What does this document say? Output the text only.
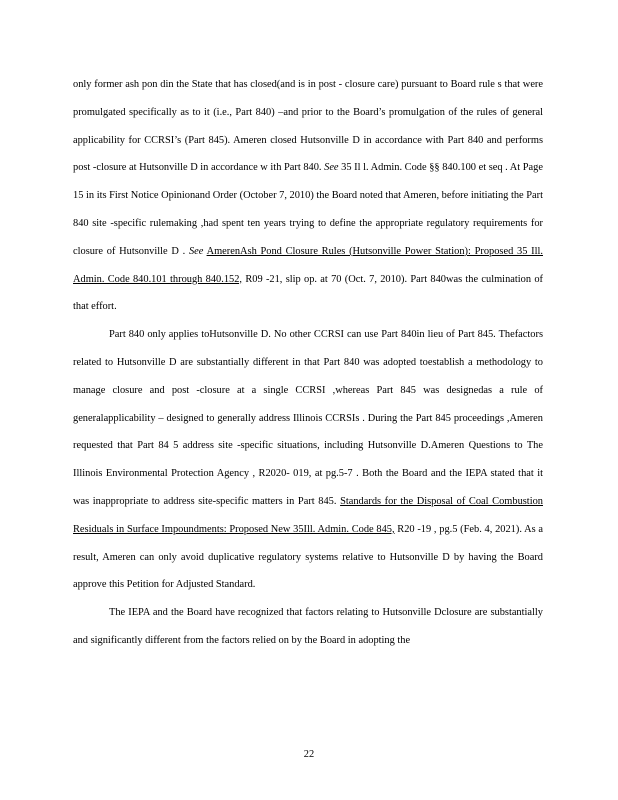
only former ash pon din the State that has closed(and is in post - closure care) pursuant to Board rule s that were promulgated specifically as to it (i.e., Part 840) –and prior to the Board’s promulgation of the rules of general applicability for CCRSI’s (Part 845). Ameren closed Hutsonville D in accordance with Part 840 and performs post -closure at Hutsonville D in accordance w ith Part 840. See 35 Il l. Admin. Code §§ 840.100 et seq . At Page 15 in its First Notice Opinionand Order (October 7, 2010) the Board noted that Ameren, before initiating the Part 840 site -specific rulemaking ,had spent ten years trying to define the appropriate regulatory requirements for closure of Hutsonville D . See AmerenAsh Pond Closure Rules (Hutsonville Power Station): Proposed 35 Ill. Admin. Code 840.101 through 840.152, R09 -21, slip op. at 70 (Oct. 7, 2010). Part 840was the culmination of that effort.

Part 840 only applies toHutsonville D. No other CCRSI can use Part 840in lieu of Part 845. Thefactors related to Hutsonville D are substantially different in that Part 840 was adopted toestablish a methodology to manage closure and post -closure at a single CCRSI ,whereas Part 845 was designedas a rule of generalapplicability – designed to generally address Illinois CCRSIs . During the Part 845 proceedings ,Ameren requested that Part 84 5 address site -specific situations, including Hutsonville D.Ameren Questions to The Illinois Environmental Protection Agency , R2020- 019, at pg.5-7 . Both the Board and the IEPA stated that it was inappropriate to address site-specific matters in Part 845. Standards for the Disposal of Coal Combustion Residuals in Surface Impoundments: Proposed New 35Ill. Admin. Code 845, R20 -19 , pg.5 (Feb. 4, 2021). As a result, Ameren can only avoid duplicative regulatory systems relative to Hutsonville D by having the Board approve this Petition for Adjusted Standard.

The IEPA and the Board have recognized that factors relating to Hutsonville Dclosure are substantially and significantly different from the factors relied on by the Board in adopting the

22
